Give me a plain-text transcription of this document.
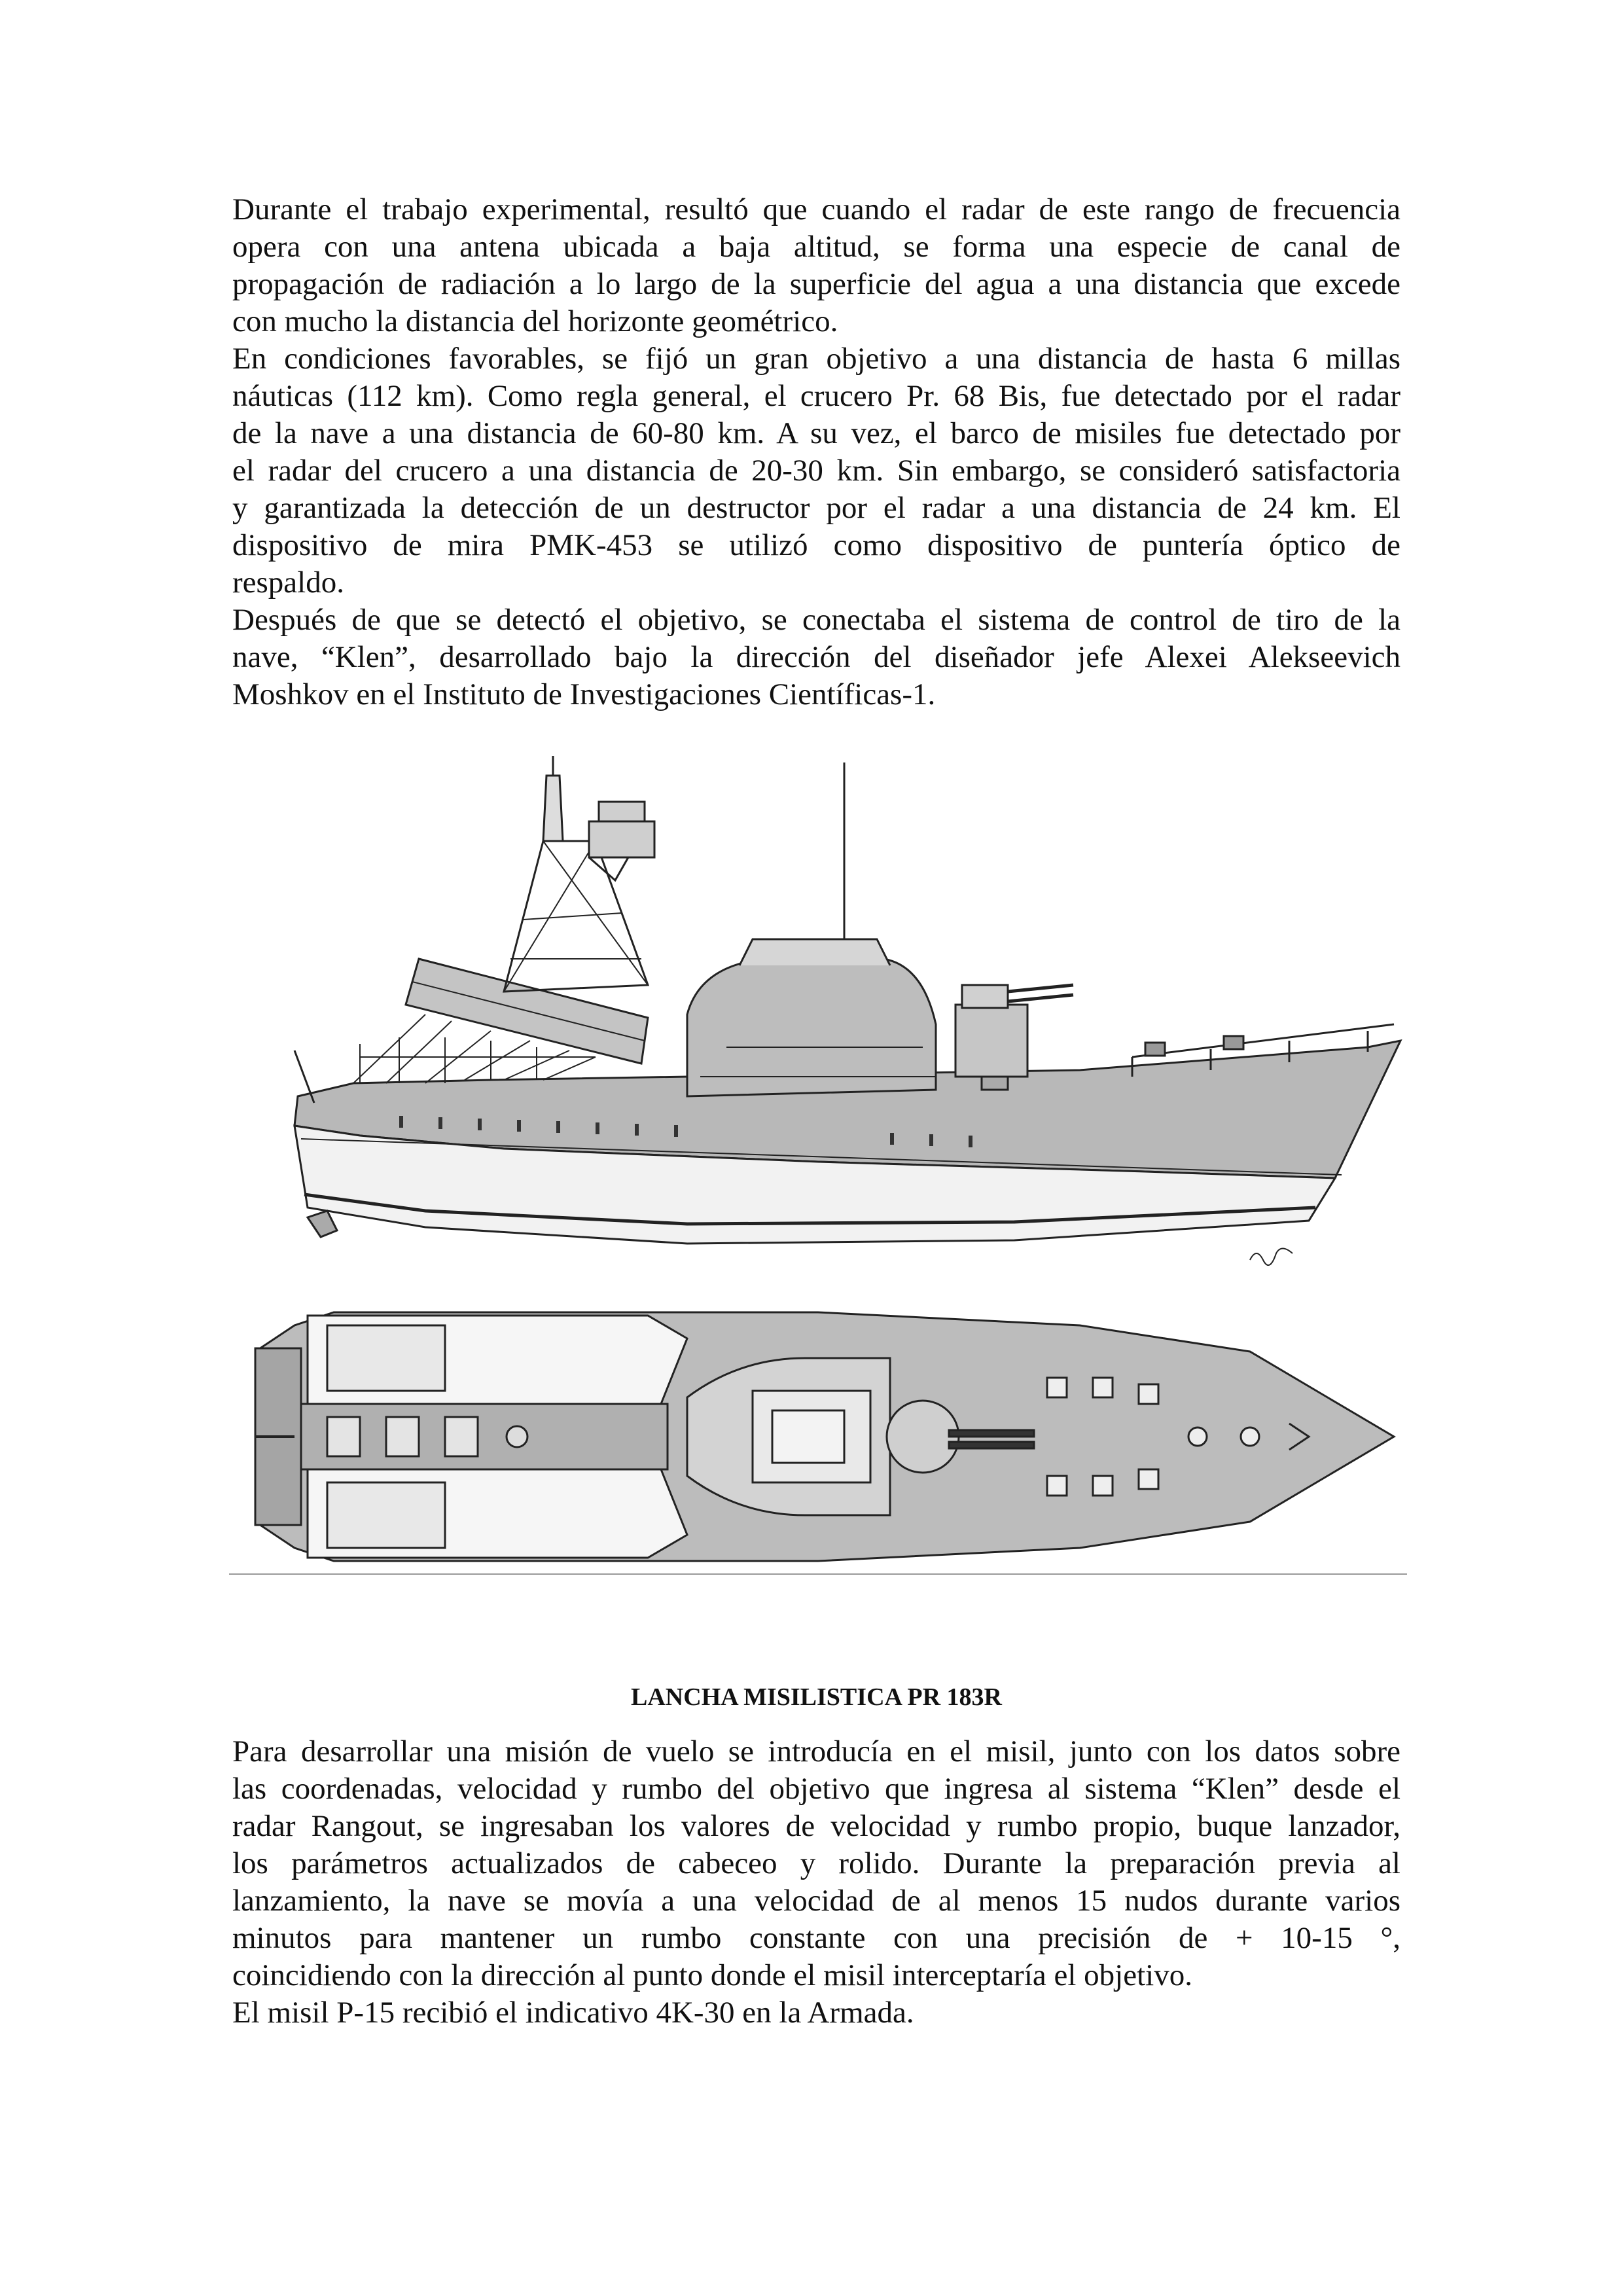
Durante el trabajo experimental, resultó que cuando el radar de este rango de frecuencia
opera con una antena ubicada a baja altitud, se forma una especie de canal de
propagación de radiación a lo largo de la superficie del agua a una distancia que excede
con mucho la distancia del horizonte geométrico.
En condiciones favorables, se fijó un gran objetivo a una distancia de hasta 6 millas
náuticas (112 km). Como regla general, el crucero Pr. 68 Bis, fue detectado por el radar
de la nave a una distancia de 60-80 km. A su vez, el barco de misiles fue detectado por
el radar del crucero a una distancia de 20-30 km. Sin embargo, se consideró satisfactoria
y garantizada la detección de un destructor por el radar a una distancia de 24 km. El
dispositivo de mira PMK-453 se utilizó como dispositivo de puntería óptico de
respaldo.
Después de que se detectó el objetivo, se conectaba el sistema de control de tiro de la
nave, “Klen”, desarrollado bajo la dirección del diseñador jefe Alexei Alekseevich
Moshkov en el Instituto de Investigaciones Científicas-1.
LANCHA MISILISTICA PR 183R
Para desarrollar una misión de vuelo se introducía en el misil, junto con los datos sobre
las coordenadas, velocidad y rumbo del objetivo que ingresa al sistema “Klen” desde el
radar Rangout, se ingresaban los valores de velocidad y rumbo propio, buque lanzador,
los parámetros actualizados de cabeceo y rolido. Durante la preparación previa al
lanzamiento, la nave se movía a una velocidad de al menos 15 nudos durante varios
minutos para mantener un rumbo constante con una precisión de + 10-15 °,
coincidiendo con la dirección al punto donde el misil interceptaría el objetivo.
El misil P-15 recibió el indicativo 4K-30 en la Armada.
